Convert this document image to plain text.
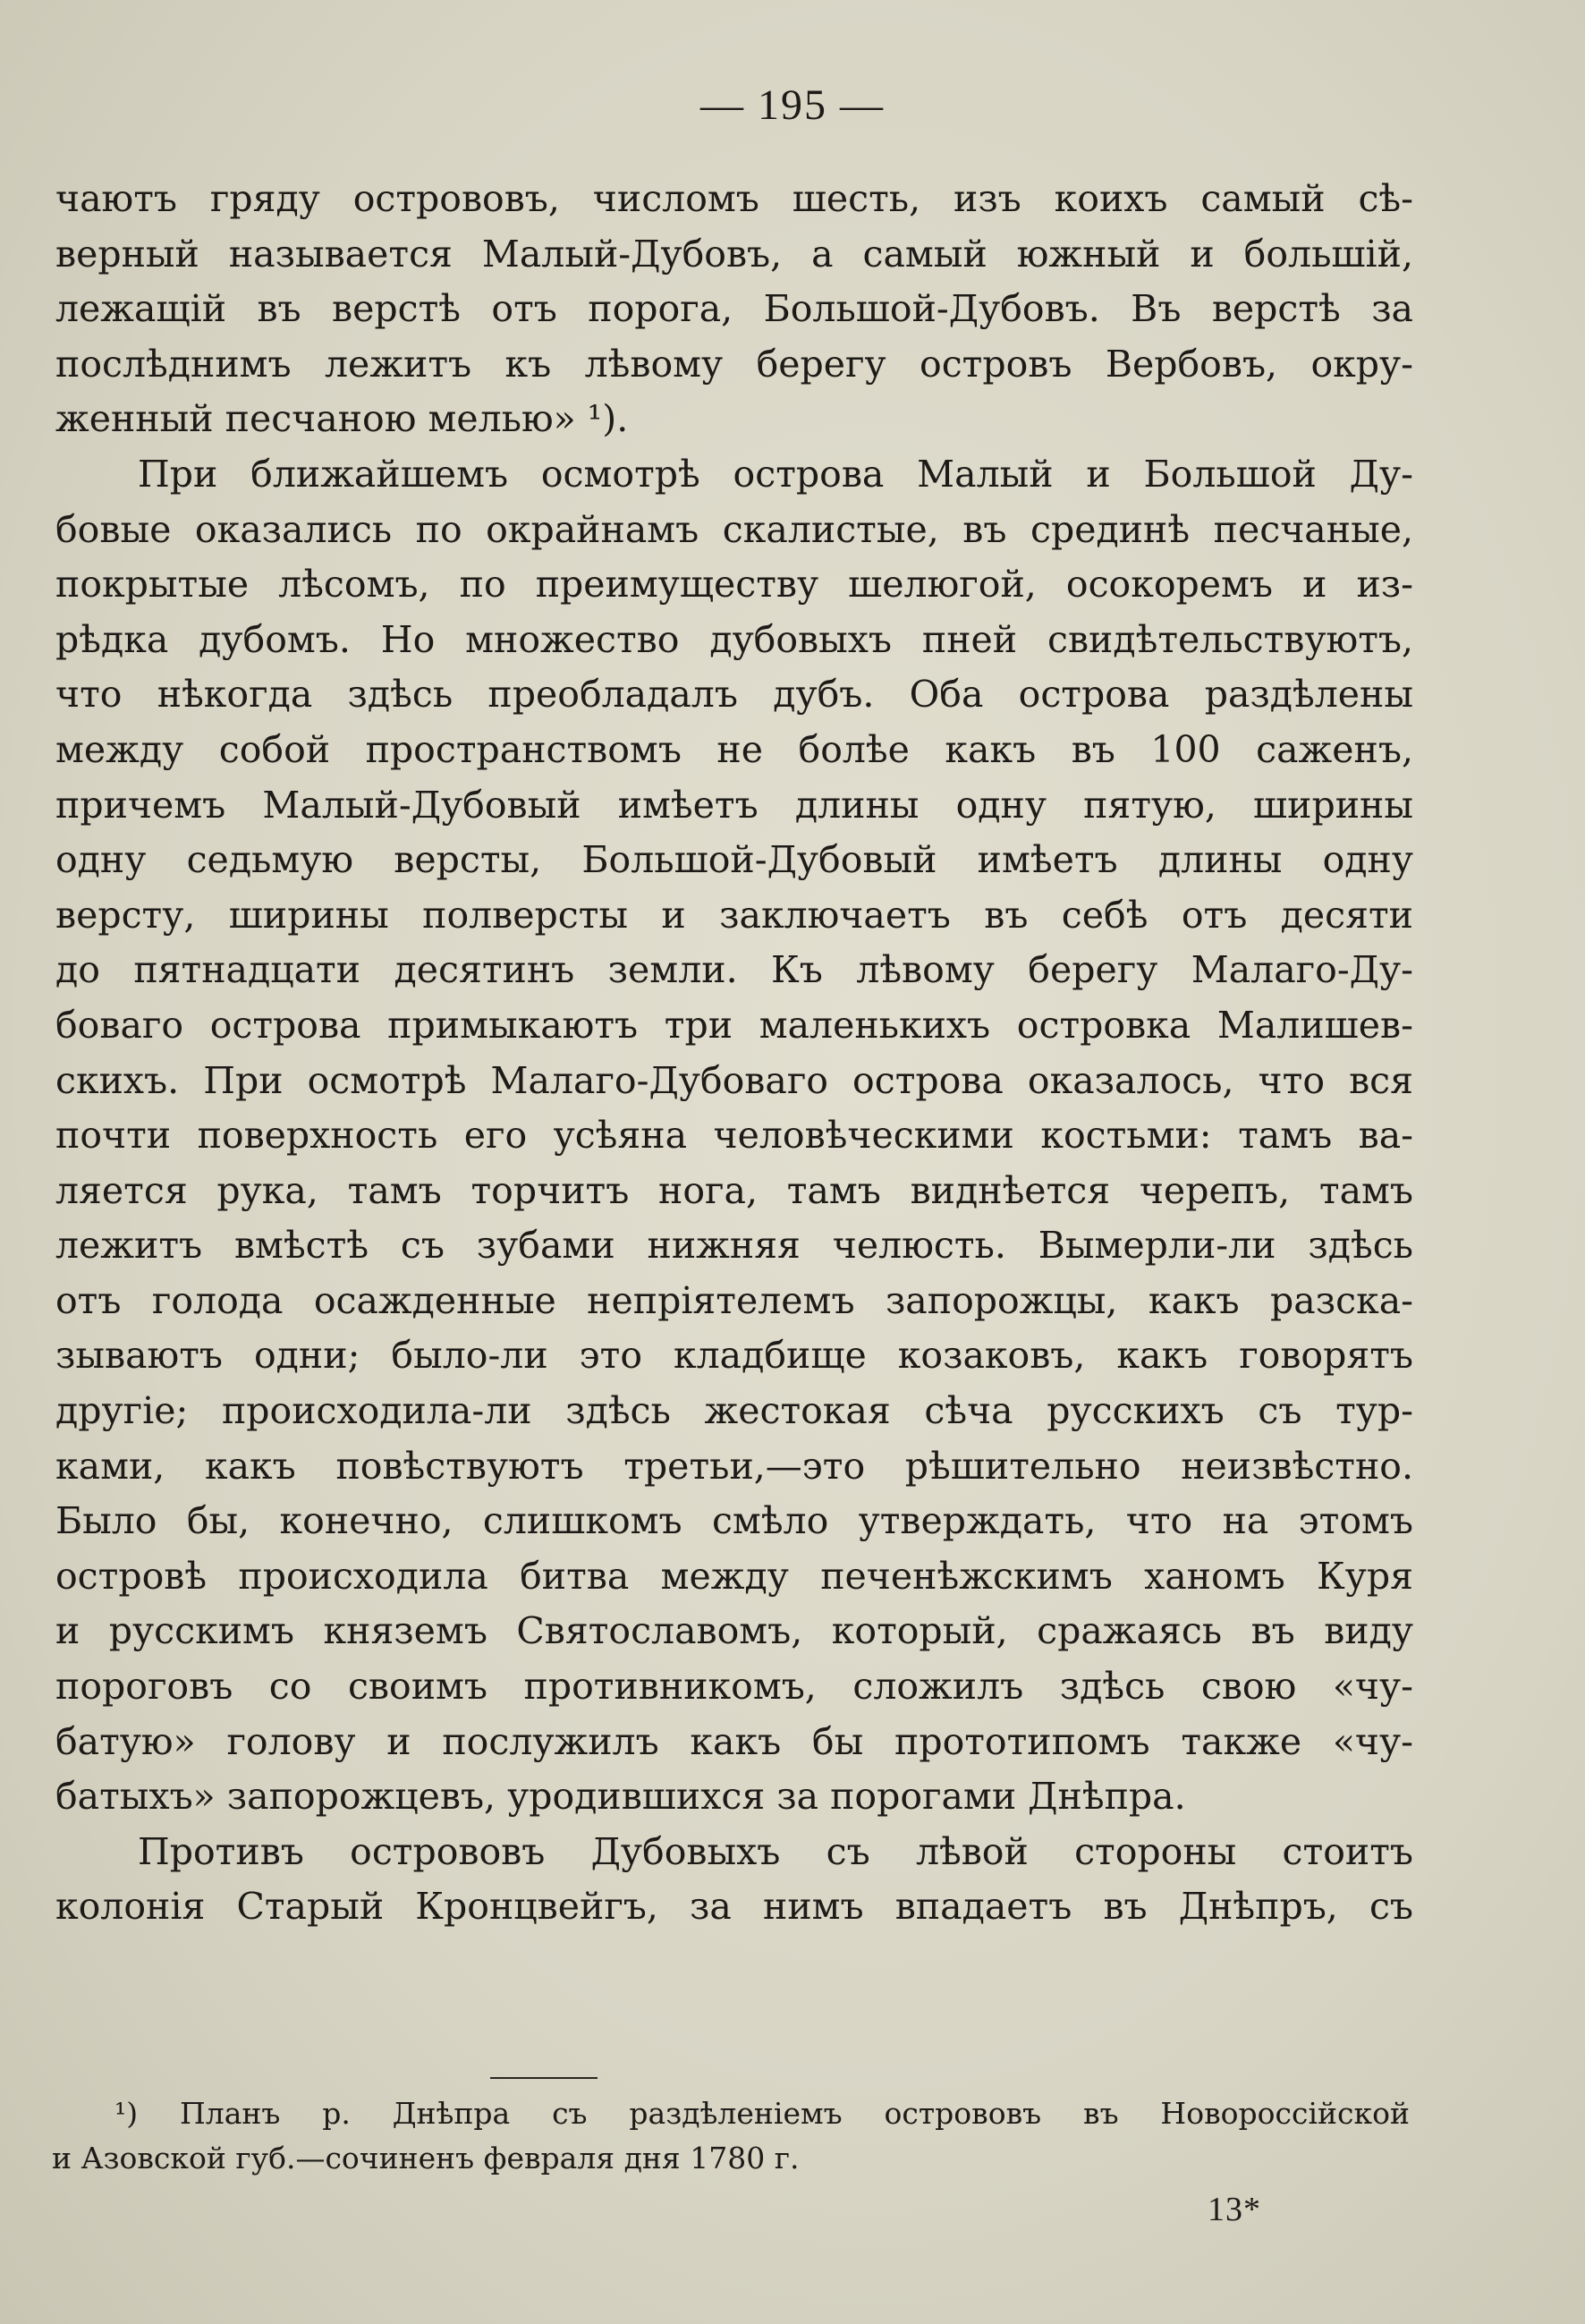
— 195 —
чаютъ гряду острововъ, числомъ шесть, изъ коихъ самый сѣ-
верный называется Малый-Дубовъ, а самый южный и большій,
лежащій въ верстѣ отъ порога, Большой-Дубовъ. Въ верстѣ за
послѣднимъ лежитъ къ лѣвому берегу островъ Вербовъ, окру-
женный песчаною мелью» ¹).
При ближайшемъ осмотрѣ острова Малый и Большой Ду-
бовые оказались по окрайнамъ скалистые, въ срединѣ песчаные,
покрытые лѣсомъ, по преимуществу шелюгой, осокоремъ и из-
рѣдка дубомъ. Но множество дубовыхъ пней свидѣтельствуютъ,
что нѣкогда здѣсь преобладалъ дубъ. Оба острова раздѣлены
между собой пространствомъ не болѣе какъ въ 100 саженъ,
причемъ Малый-Дубовый имѣетъ длины одну пятую, ширины
одну седьмую версты, Большой-Дубовый имѣетъ длины одну
версту, ширины полверсты и заключаетъ въ себѣ отъ десяти
до пятнадцати десятинъ земли. Къ лѣвому берегу Малаго-Ду-
боваго острова примыкаютъ три маленькихъ островка Малишев-
скихъ. При осмотрѣ Малаго-Дубоваго острова оказалось, что вся
почти поверхность его усѣяна человѣческими костьми: тамъ ва-
ляется рука, тамъ торчитъ нога, тамъ виднѣется черепъ, тамъ
лежитъ вмѣстѣ съ зубами нижняя челюсть. Вымерли-ли здѣсь
отъ голода осажденные непріятелемъ запорожцы, какъ разска-
зываютъ одни; было-ли это кладбище козаковъ, какъ говорятъ
другіе; происходила-ли здѣсь жестокая сѣча русскихъ съ тур-
ками, какъ повѣствуютъ третьи,—это рѣшительно неизвѣстно.
Было бы, конечно, слишкомъ смѣло утверждать, что на этомъ
островѣ происходила битва между печенѣжскимъ ханомъ Куря
и русскимъ княземъ Святославомъ, который, сражаясь въ виду
пороговъ со своимъ противникомъ, сложилъ здѣсь свою «чу-
батую» голову и послужилъ какъ бы прототипомъ также «чу-
батыхъ» запорожцевъ, уродившихся за порогами Днѣпра.
Противъ острововъ Дубовыхъ съ лѣвой стороны стоитъ
колонія Старый Кронцвейгъ, за нимъ впадаетъ въ Днѣпръ, съ
¹) Планъ р. Днѣпра съ раздѣленіемъ острововъ въ Новороссійской
и Азовской губ.—сочиненъ февраля дня 1780 г.
13*
